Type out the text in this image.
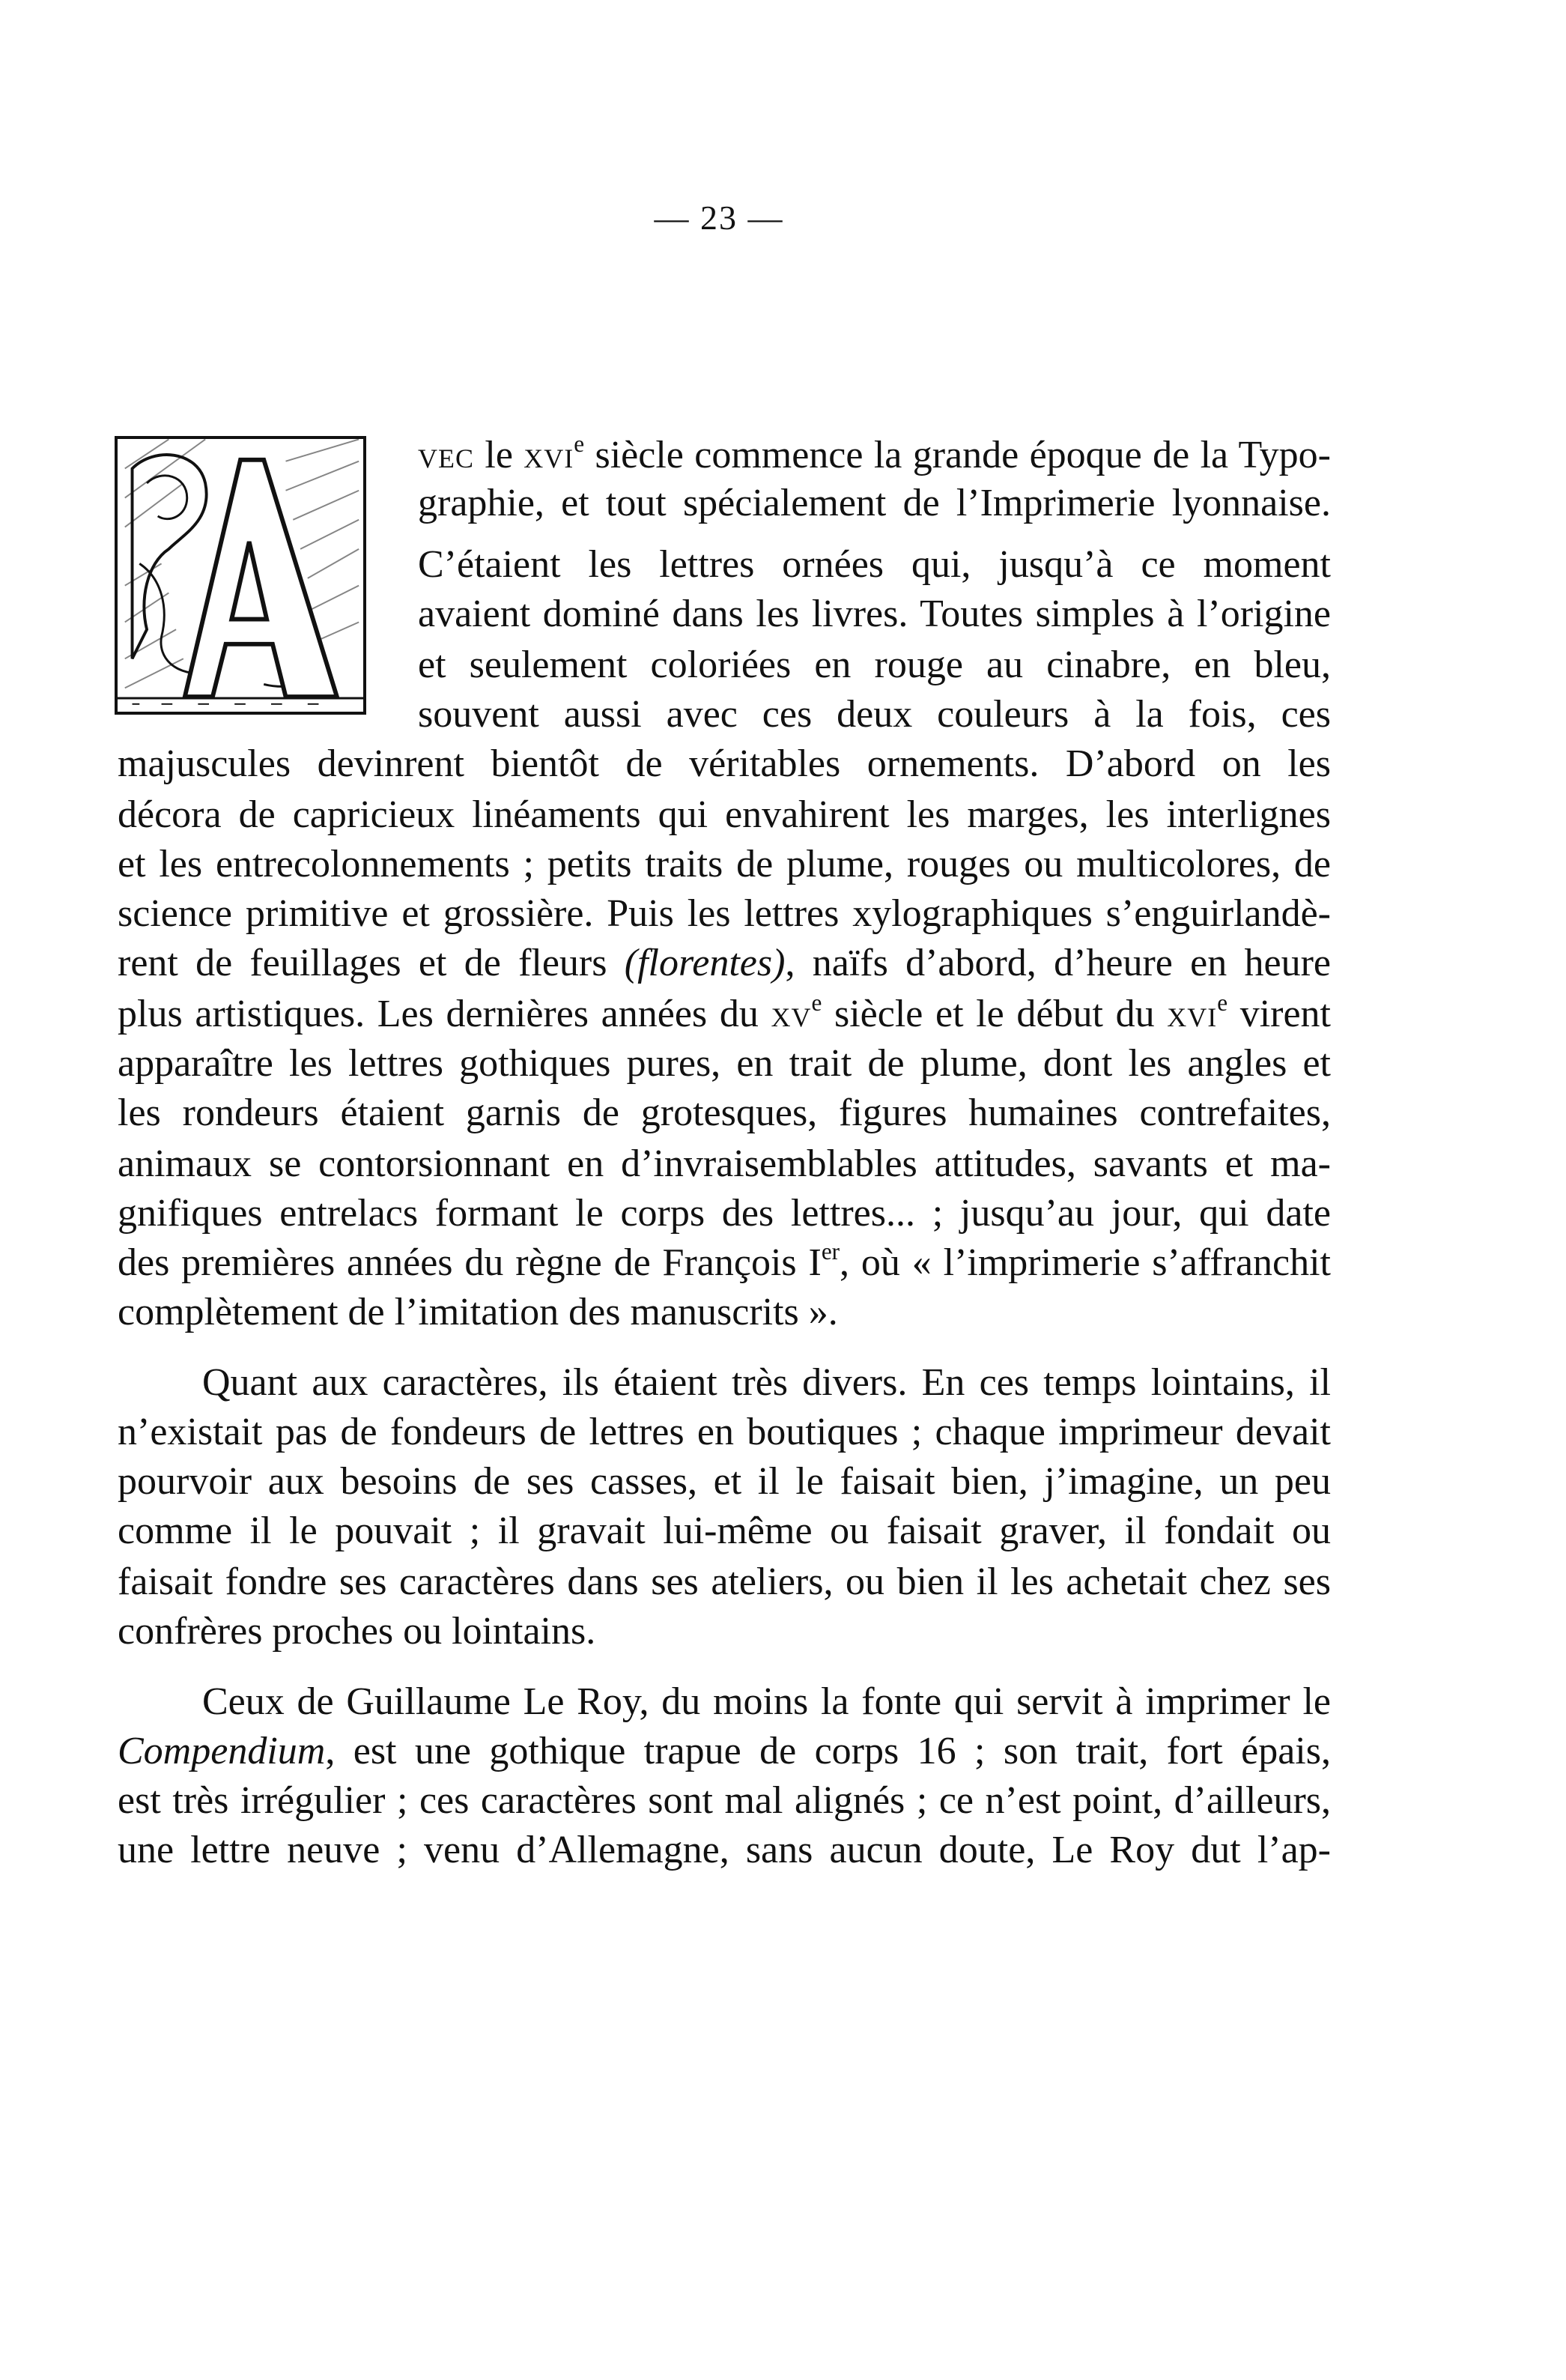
— 23 —
vec le xvi$^e$ siècle commence la grande époque de la Typo-
graphie, et tout spécialement de l’Imprimerie lyonnaise.
C’étaient les lettres ornées qui, jusqu’à ce moment
avaient dominé dans les livres. Toutes simples à l’origine
et seulement coloriées en rouge au cinabre, en bleu,
souvent aussi avec ces deux couleurs à la fois, ces
majuscules devinrent bientôt de véritables ornements. D’abord on les
décora de capricieux linéaments qui envahirent les marges, les interlignes
et les entrecolonnements ; petits traits de plume, rouges ou multicolores, de
science primitive et grossière. Puis les lettres xylographiques s’enguirlandè-
rent de feuillages et de fleurs (florentes), naïfs d’abord, d’heure en heure
plus artistiques. Les dernières années du $xv^e$ siècle et le début du xvi$^e$ virent
apparaître les lettres gothiques pures, en trait de plume, dont les angles et
les rondeurs étaient garnis de grotesques, figures humaines contrefaites,
animaux se contorsionnant en d’invraisemblables attitudes, savants et ma-
gnifiques entrelacs formant le corps des lettres... ; jusqu’au jour, qui date
des premières années du règne de François Ier, où « l’imprimerie s’affranchit
complètement de l’imitation des manuscrits ».
Quant aux caractères, ils étaient très divers. En ces temps lointains, il
n’existait pas de fondeurs de lettres en boutiques ; chaque imprimeur devait
pourvoir aux besoins de ses casses, et il le faisait bien, j’imagine, un peu
comme il le pouvait ; il gravait lui-même ou faisait graver, il fondait ou
faisait fondre ses caractères dans ses ateliers, ou bien il les achetait chez ses
confrères proches ou lointains.
Ceux de Guillaume Le Roy, du moins la fonte qui servit à imprimer le
Compendium, est une gothique trapue de corps 16 ; son trait, fort épais,
est très irrégulier ; ces caractères sont mal alignés ; ce n’est point, d’ailleurs,
une lettre neuve ; venu d’Allemagne, sans aucun doute, Le Roy dut l’ap-
